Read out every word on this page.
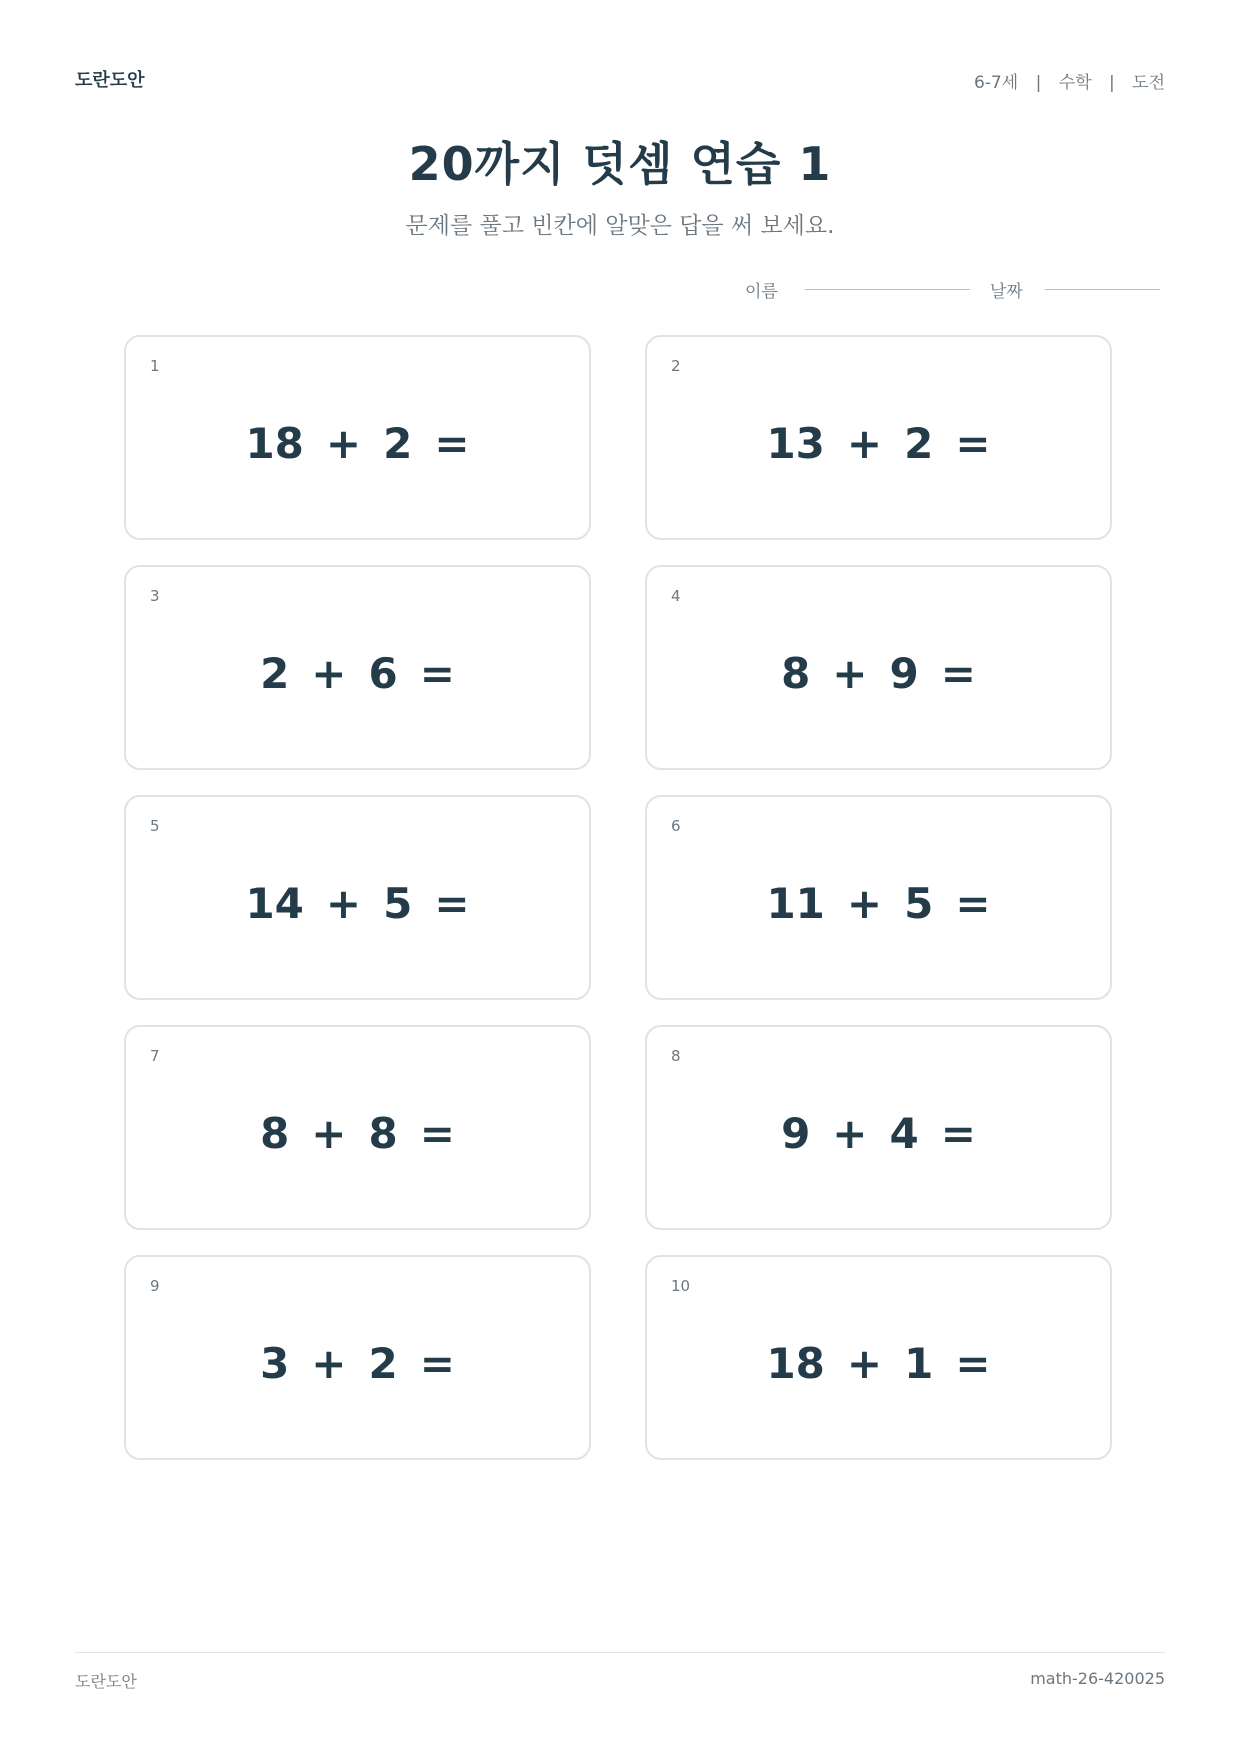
도란도안	6-7세 | 수학 | 도전
20까지 덧셈 연습 1
문제를 풀고 빈칸에 알맞은 답을 써 보세요.
이름	날짜
1
18 + 2 =
2
13 + 2 =
3
2 + 6 =
4
8 + 9 =
5
14 + 5 =
6
11 + 5 =
7
8 + 8 =
8
9 + 4 =
9
3 + 2 =
10
18 + 1 =
도란도안	math-26-420025
